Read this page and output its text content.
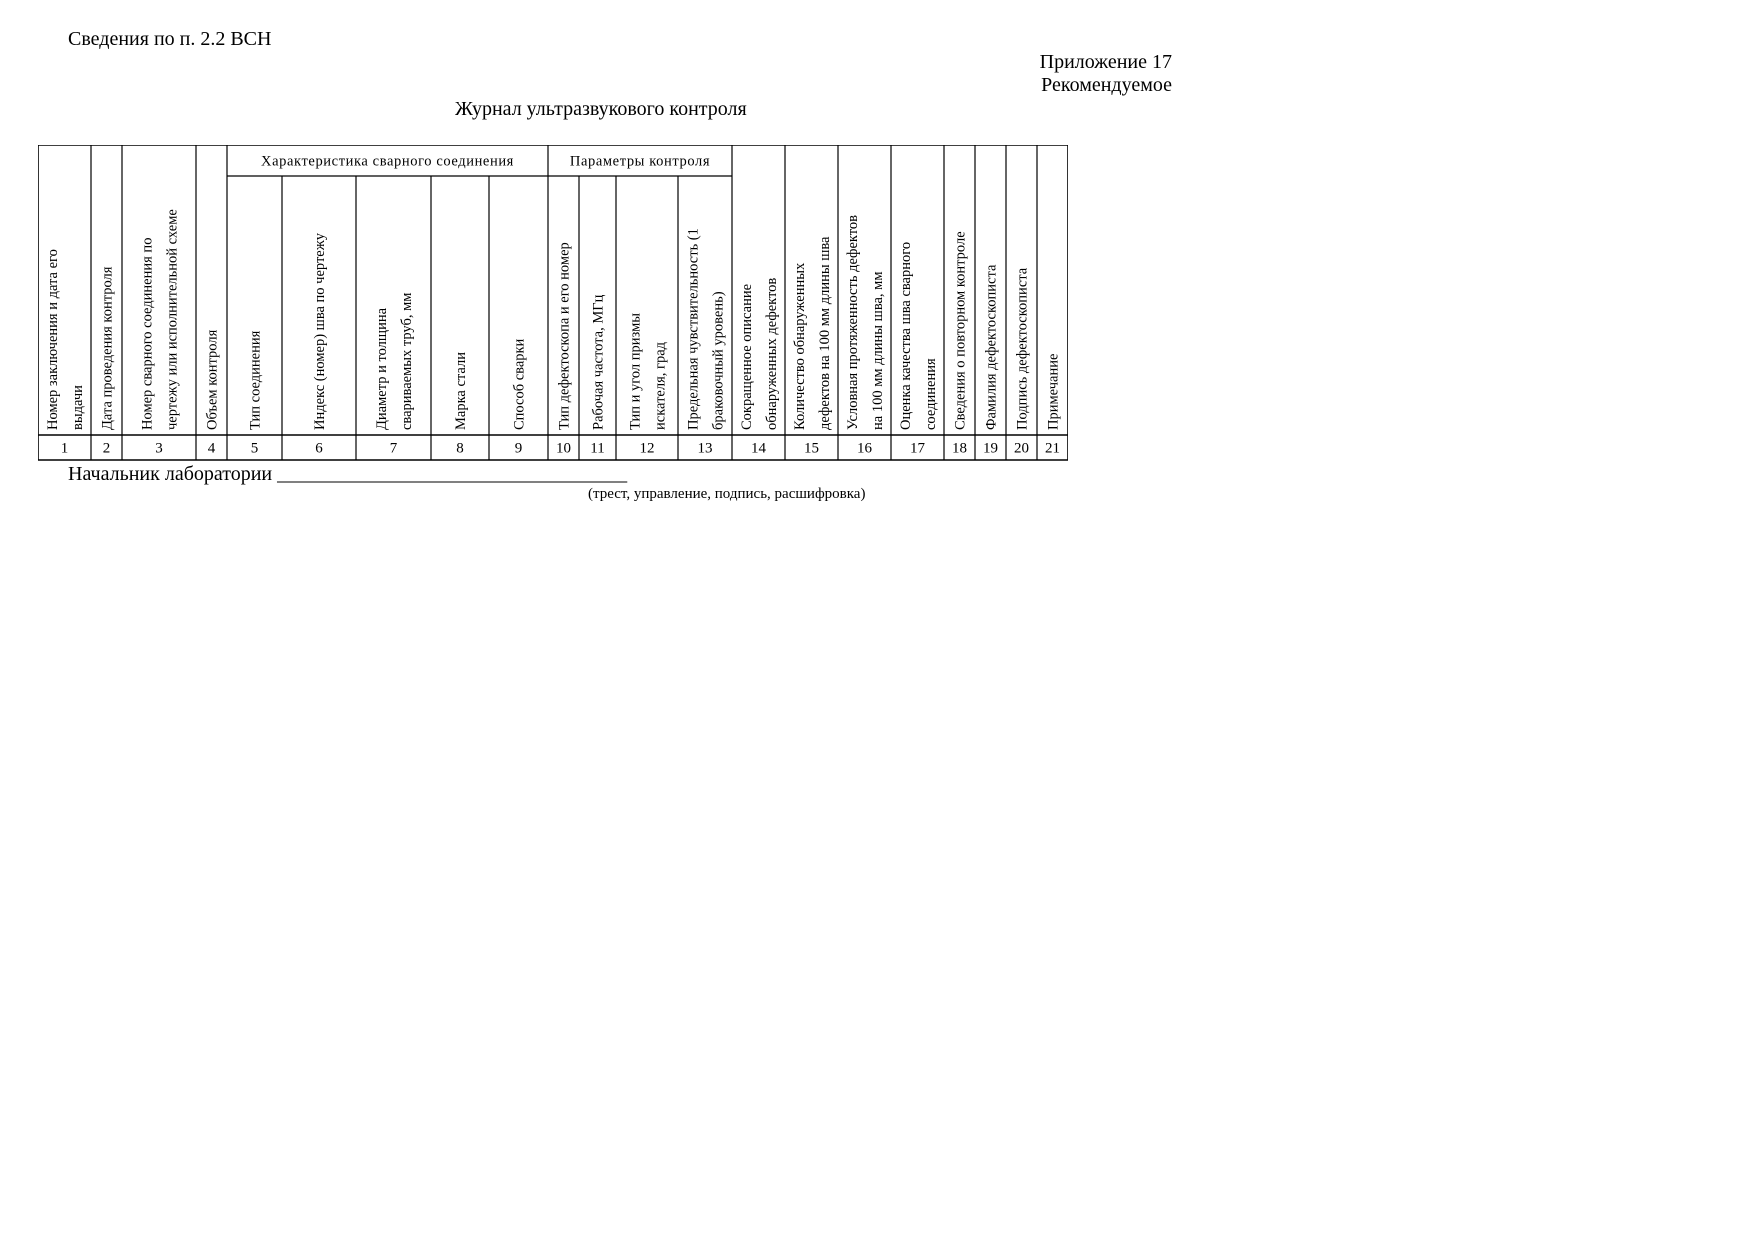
Сведения по п. 2.2 ВСН
Приложение 17
Рекомендуемое
Журнал ультразвукового контроля
Характеристика сварного соединения	Параметры контроля
Номер заключения и дата его выдачи
1
Дата проведения контроля
2
Номер сварного соединения по чертежу или исполнительной схеме
3
Объем контроля
4
Тип соединения
5
Индекс (номер) шва по чертежу
6
Диаметр и толщина свариваемых труб, мм
7
Марка стали
8
Способ сварки
9
Тип дефектоскопа и его номер
10
Рабочая частота, МГц
11
Тип и угол призмы искателя, град
12
Предельная чувствительность (1 браковочный уровень)
13
Сокращенное описание обнаруженных дефектов
14
Количество обнаруженных дефектов на 100 мм длины шва
15
Условная протяженность дефектов на 100 мм длины шва, мм
16
Оценка качества шва сварного соединения
17
Сведения о повторном контроле
18
Фамилия дефектоскописта
19
Подпись дефектоскописта
20
Примечание
21
Начальник лаборатории ___________________________________
(трест, управление, подпись, расшифровка)
